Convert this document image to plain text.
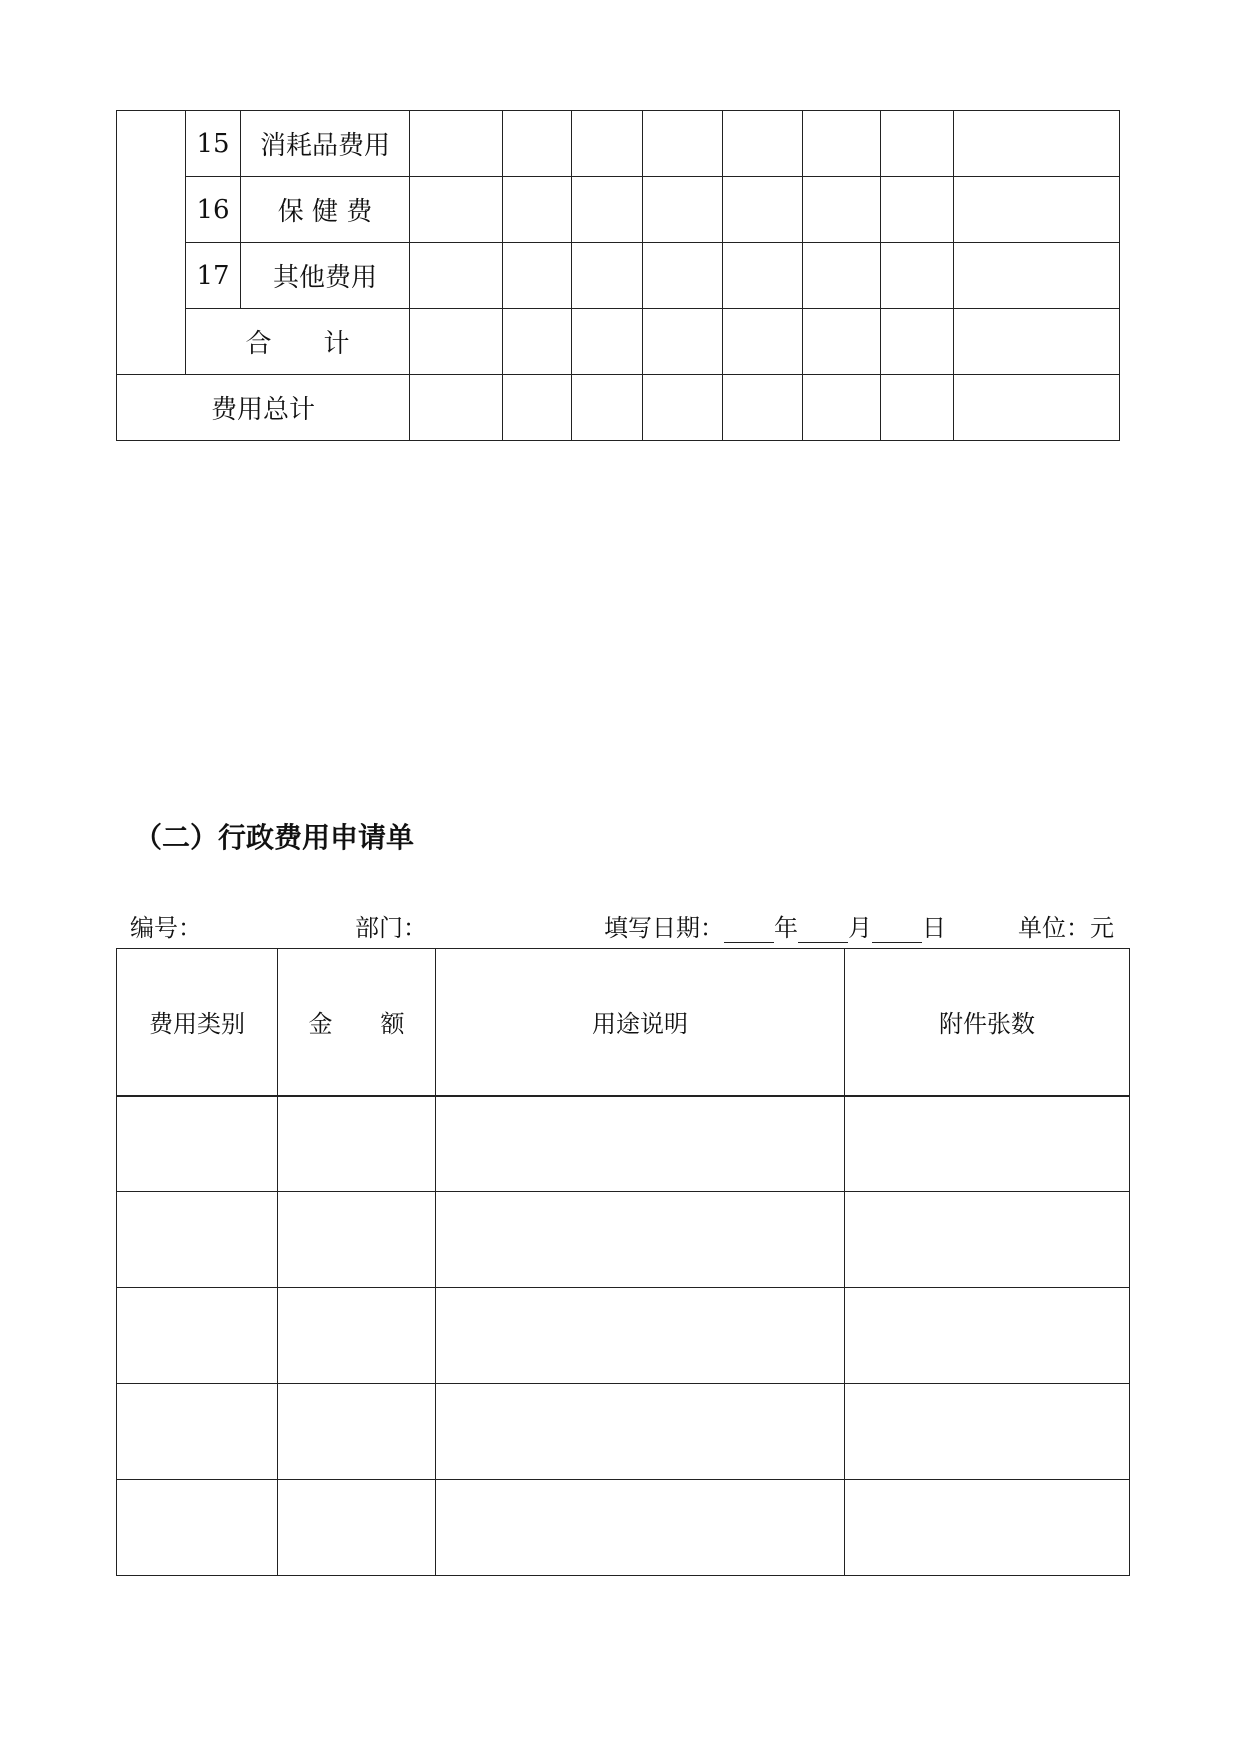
	15	消耗品费用								
	16	保 健 费								
	17	其他费用								
	合　　计									
费用总计										
（二）行政费用申请单
编号：	部门：	填写日期： 年 月 日	单位：元
费用类别	金　　额	用途说明	附件张数
